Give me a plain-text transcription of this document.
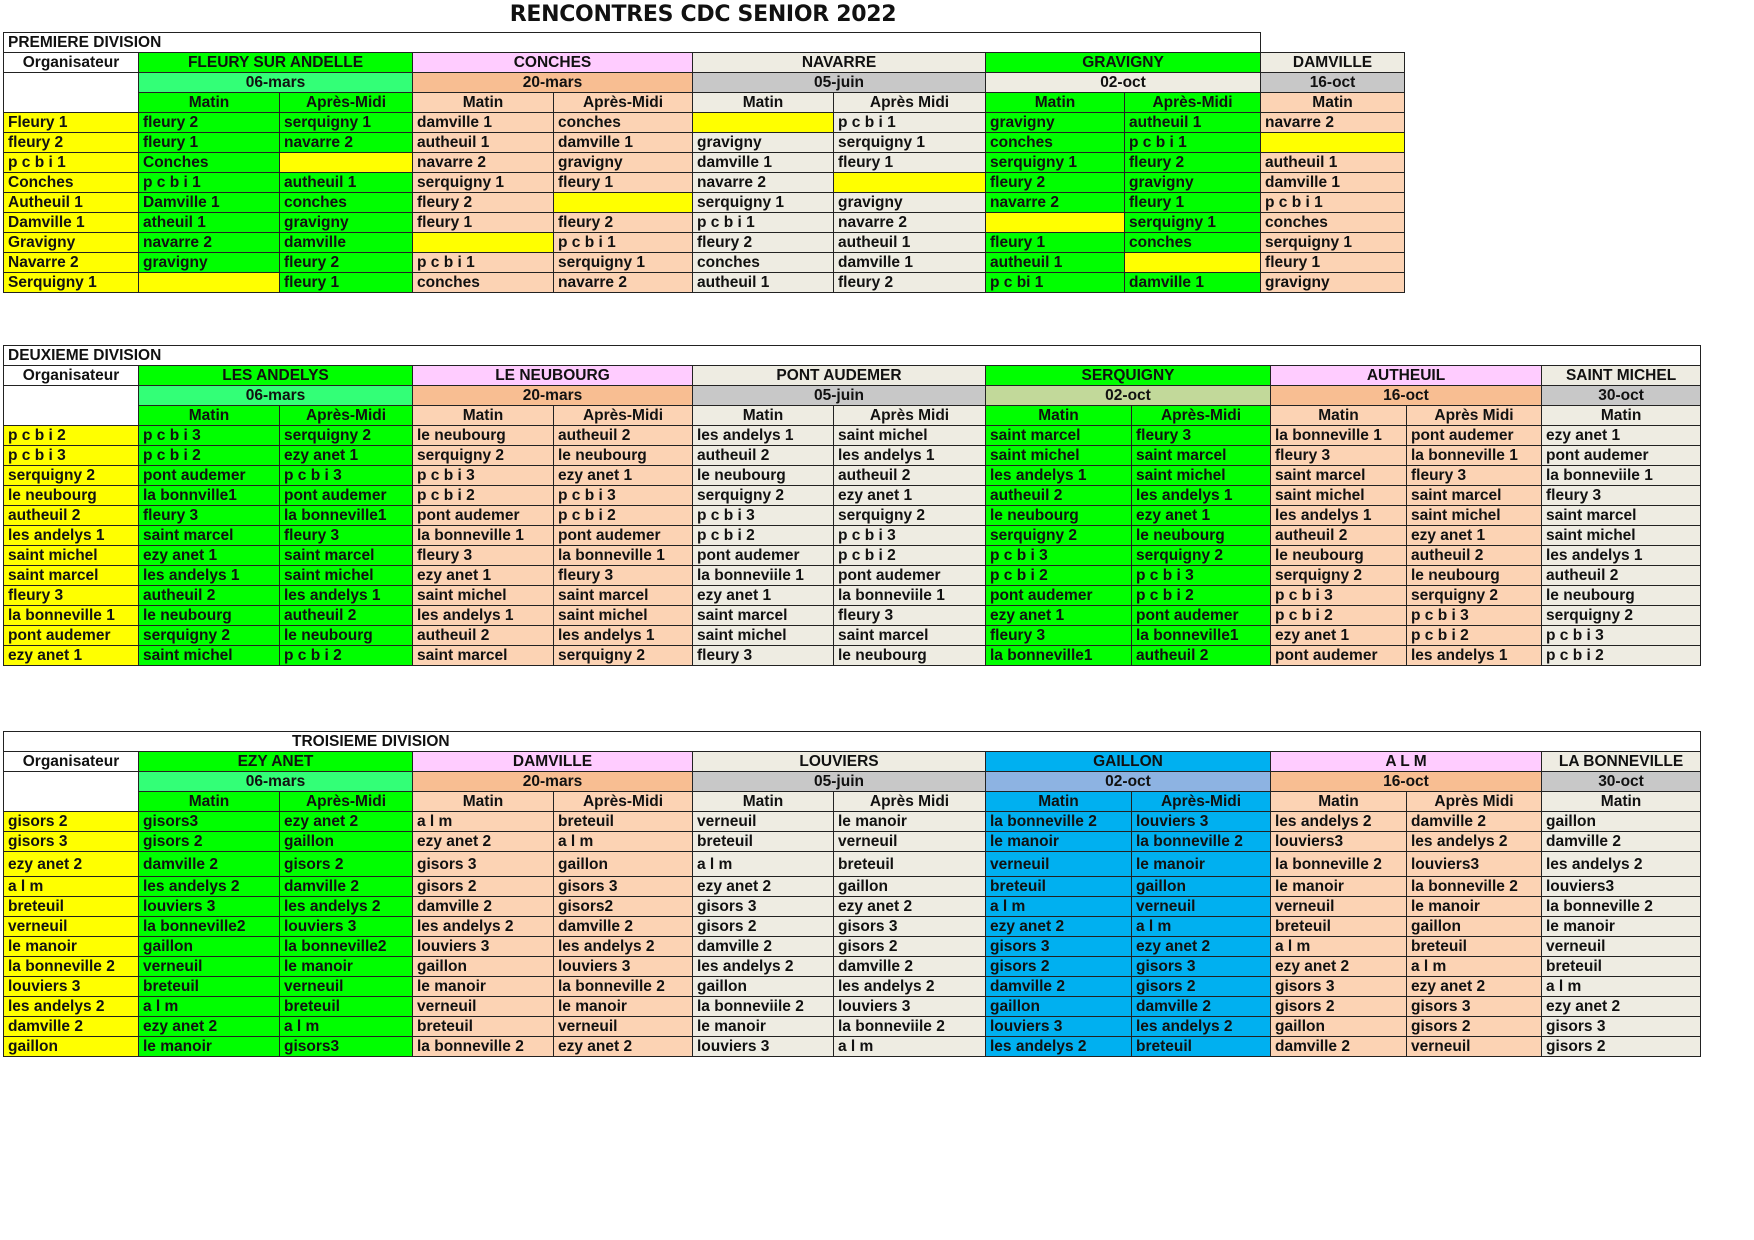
RENCONTRES CDC SENIOR 2022
PREMIERE DIVISION									
Organisateur	FLEURY SUR ANDELLE		CONCHES		NAVARRE		GRAVIGNY		DAMVILLE
	06-mars		20-mars		05-juin		02-oct		16-oct
	Matin	Après-Midi	Matin	Après-Midi	Matin	Après Midi	Matin	Après-Midi	Matin
Fleury 1	fleury 2	serquigny 1	damville 1	conches		p c b i 1	gravigny	autheuil 1	navarre 2
fleury 2	fleury 1	navarre 2	autheuil 1	damville 1	gravigny	serquigny 1	conches	p c b i 1	
p c b i 1	Conches		navarre 2	gravigny	damville 1	fleury 1	serquigny 1	fleury 2	autheuil 1
Conches	p c b i 1	autheuil 1	serquigny 1	fleury 1	navarre 2		fleury 2	gravigny	damville 1
Autheuil 1	Damville 1	conches	fleury 2		serquigny 1	gravigny	navarre 2	fleury 1	p c b i 1
Damville 1	atheuil 1	gravigny	fleury 1	fleury 2	p c b i 1	navarre 2		serquigny 1	conches
Gravigny	navarre 2	damville		p c b i 1	fleury 2	autheuil 1	fleury 1	conches	serquigny 1
Navarre 2	gravigny	fleury 2	p c b i 1	serquigny 1	conches	damville 1	autheuil 1		fleury 1
Serquigny 1		fleury 1	conches	navarre 2	autheuil 1	fleury 2	p c bi 1	damville 1	gravigny
DEUXIEME DIVISION											
Organisateur	LES ANDELYS		LE NEUBOURG		PONT AUDEMER		SERQUIGNY		AUTHEUIL		SAINT MICHEL
	06-mars		20-mars		05-juin		02-oct		16-oct		30-oct
	Matin	Après-Midi	Matin	Après-Midi	Matin	Après Midi	Matin	Après-Midi	Matin	Après Midi	Matin
p c b i 2	p c b i 3	serquigny 2	le neubourg	autheuil 2	les andelys 1	saint michel	saint marcel	fleury 3	la bonneville 1	pont audemer	ezy anet 1
p c b i 3	p c b i 2	ezy anet 1	serquigny 2	le neubourg	autheuil 2	les andelys 1	saint michel	saint marcel	fleury 3	la bonneville 1	pont audemer
serquigny 2	pont audemer	p c b i 3	p c b i 3	ezy anet 1	le neubourg	autheuil 2	les andelys 1	saint michel	saint marcel	fleury 3	la bonneviile 1
le neubourg	la bonnville1	pont audemer	p c b i 2	p c b i 3	serquigny 2	ezy anet 1	autheuil 2	les andelys 1	saint michel	saint marcel	fleury 3
autheuil 2	fleury 3	la bonneville1	pont audemer	p c b i 2	p c b i 3	serquigny 2	le neubourg	ezy anet 1	les andelys 1	saint michel	saint marcel
les andelys 1	saint marcel	fleury 3	la bonneville 1	pont audemer	p c b i 2	p c b i 3	serquigny 2	le neubourg	autheuil 2	ezy anet 1	saint michel
saint michel	ezy anet 1	saint marcel	fleury 3	la bonneville 1	pont audemer	p c b i 2	p c b i 3	serquigny 2	le neubourg	autheuil 2	les andelys 1
saint marcel	les andelys 1	saint michel	ezy anet 1	fleury 3	la bonneviile 1	pont audemer	p c b i 2	p c b i 3	serquigny 2	le neubourg	autheuil 2
fleury 3	autheuil 2	les andelys 1	saint michel	saint marcel	ezy anet 1	la bonneviile 1	pont audemer	p c b i 2	p c b i 3	serquigny 2	le neubourg
la bonneville 1	le neubourg	autheuil 2	les andelys 1	saint michel	saint marcel	fleury 3	ezy anet 1	pont audemer	p c b i 2	p c b i 3	serquigny 2
pont audemer	serquigny 2	le neubourg	autheuil 2	les andelys 1	saint michel	saint marcel	fleury 3	la bonneville1	ezy anet 1	p c b i 2	p c b i 3
ezy anet 1	saint michel	p c b i 2	saint marcel	serquigny 2	fleury 3	le neubourg	la bonneville1	autheuil 2	pont audemer	les andelys 1	p c b i 2
TROISIEME DIVISION											
Organisateur	EZY ANET		DAMVILLE		LOUVIERS		GAILLON		A L M		LA BONNEVILLE
	06-mars		20-mars		05-juin		02-oct		16-oct		30-oct
	Matin	Après-Midi	Matin	Après-Midi	Matin	Après Midi	Matin	Après-Midi	Matin	Après Midi	Matin
gisors 2	gisors3	ezy anet 2	a l m	breteuil	verneuil	le manoir	la bonneville 2	louviers 3	les andelys 2	damville 2	gaillon
gisors 3	gisors 2	gaillon	ezy anet 2	a l m	breteuil	verneuil	le manoir	la bonneville 2	louviers3	les andelys 2	damville 2
ezy anet 2	damville 2	gisors 2	gisors 3	gaillon	a l m	breteuil	verneuil	le manoir	la bonneville 2	louviers3	les andelys 2
a l m	les andelys 2	damville 2	gisors 2	gisors 3	ezy anet 2	gaillon	breteuil	gaillon	le manoir	la bonneville 2	louviers3
breteuil	louviers 3	les andelys 2	damville 2	gisors2	gisors 3	ezy anet 2	a l m	verneuil	verneuil	le manoir	la bonneville 2
verneuil	la bonneville2	louviers 3	les andelys 2	damville 2	gisors 2	gisors 3	ezy anet 2	a l m	breteuil	gaillon	le manoir
le manoir	gaillon	la bonneville2	louviers 3	les andelys 2	damville 2	gisors 2	gisors 3	ezy anet 2	a l m	breteuil	verneuil
la bonneville 2	verneuil	le manoir	gaillon	louviers 3	les andelys 2	damville 2	gisors 2	gisors 3	ezy anet 2	a l m	breteuil
louviers 3	breteuil	verneuil	le manoir	la bonneville 2	gaillon	les andelys 2	damville 2	gisors 2	gisors 3	ezy anet 2	a l m
les andelys 2	a l m	breteuil	verneuil	le manoir	la bonneviile 2	louviers 3	gaillon	damville 2	gisors 2	gisors 3	ezy anet 2
damville 2	ezy anet 2	a l m	breteuil	verneuil	le manoir	la bonneviile 2	louviers 3	les andelys 2	gaillon	gisors 2	gisors 3
gaillon	le manoir	gisors3	la bonneville 2	ezy anet 2	louviers 3	a l m	les andelys 2	breteuil	damville 2	verneuil	gisors 2
